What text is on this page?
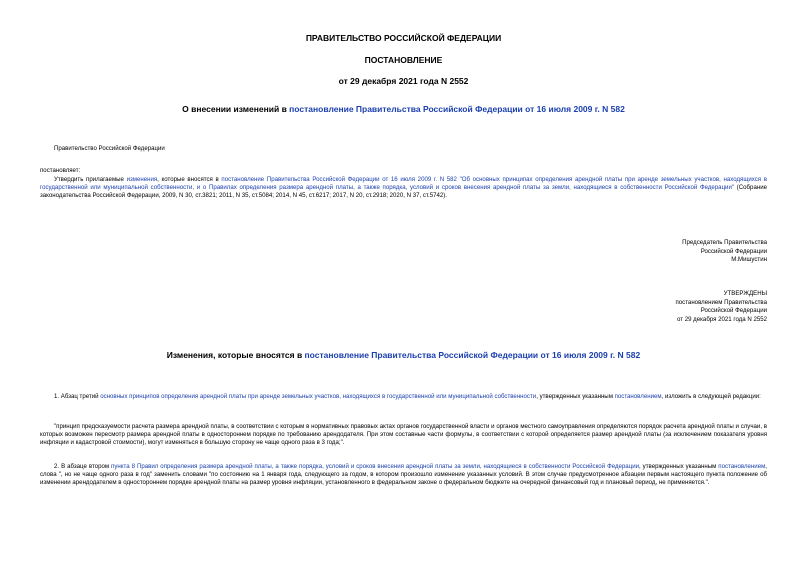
ПРАВИТЕЛЬСТВО РОССИЙСКОЙ ФЕДЕРАЦИИ
ПОСТАНОВЛЕНИЕ
от 29 декабря 2021 года N 2552
О внесении изменений в постановление Правительства Российской Федерации от 16 июля 2009 г. N 582
Правительство Российской Федерации
постановляет:
Утвердить прилагаемые изменения, которые вносятся в постановление Правительства Российской Федерации от 16 июля 2009 г. N 582 "Об основных принципах определения арендной платы при аренде земельных участков, находящихся в государственной или муниципальной собственности, и о Правилах определения размера арендной платы, а также порядка, условий и сроков внесения арендной платы за земли, находящиеся в собственности Российской Федерации" (Собрание законодательства Российской Федерации, 2009, N 30, ст.3821; 2011, N 35, ст.5084; 2014, N 45, ст.6217; 2017, N 20, ст.2918; 2020, N 37, ст.5742).
Председатель Правительства
Российской Федерации
М.Мишустин
УТВЕРЖДЕНЫ
постановлением Правительства
Российской Федерации
от 29 декабря 2021 года N 2552
Изменения, которые вносятся в постановление Правительства Российской Федерации от 16 июля 2009 г. N 582
1. Абзац третий основных принципов определения арендной платы при аренде земельных участков, находящихся в государственной или муниципальной собственности, утвержденных указанным постановлением, изложить в следующей редакции:
"принцип предсказуемости расчета размера арендной платы, в соответствии с которым в нормативных правовых актах органов государственной власти и органов местного самоуправления определяются порядок расчета арендной платы и случаи, в которых возможен пересмотр размера арендной платы в одностороннем порядке по требованию арендодателя. При этом составные части формулы, в соответствии с которой определяется размер арендной платы (за исключением показателя уровня инфляции и кадастровой стоимости), могут изменяться в большую сторону не чаще одного раза в 3 года;".
2. В абзаце втором пункта 8 Правил определения размера арендной платы, а также порядка, условий и сроков внесения арендной платы за земли, находящиеся в собственности Российской Федерации, утвержденных указанным постановлением, слова ", но не чаще одного раза в год" заменить словами "по состоянию на 1 января года, следующего за годом, в котором произошло изменение указанных условий. В этом случае предусмотренное абзацем первым настоящего пункта положение об изменении арендодателем в одностороннем порядке арендной платы на размер уровня инфляции, установленного в федеральном законе о федеральном бюджете на очередной финансовый год и плановый период, не применяется.".
